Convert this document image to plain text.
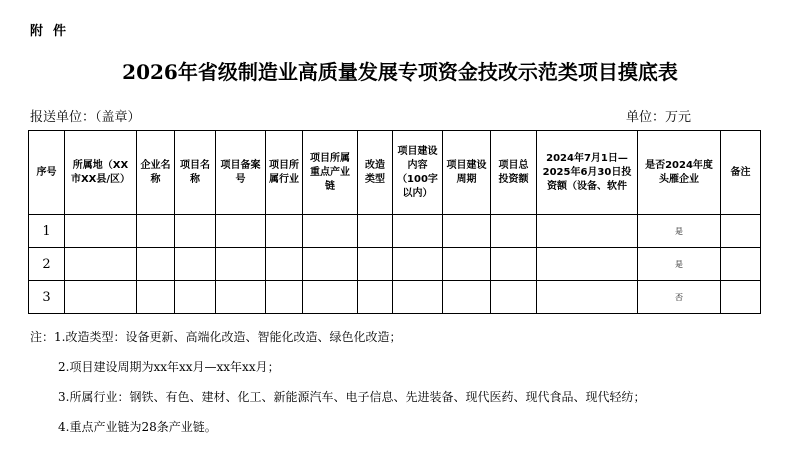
附件
2026年省级制造业高质量发展专项资金技改示范类项目摸底表
报送单位：（盖章）	单位：万元
序号	所属地（XX市XX县/区）	企业名称	项目名称	项目备案号	项目所属行业	项目所属重点产业链	改造类型	项目建设内容（100字以内）	项目建设周期	项目总投资额	2024年7月1日—2025年6月30日投资额（设备、软件	是否2024年度头雁企业	备注
1												是	
2												是	
3												否	
注：1.改造类型：设备更新、高端化改造、智能化改造、绿色化改造；
2.项目建设周期为xx年xx月—xx年xx月；
3.所属行业：钢铁、有色、建材、化工、新能源汽车、电子信息、先进装备、现代医药、现代食品、现代轻纺；
4.重点产业链为28条产业链。
